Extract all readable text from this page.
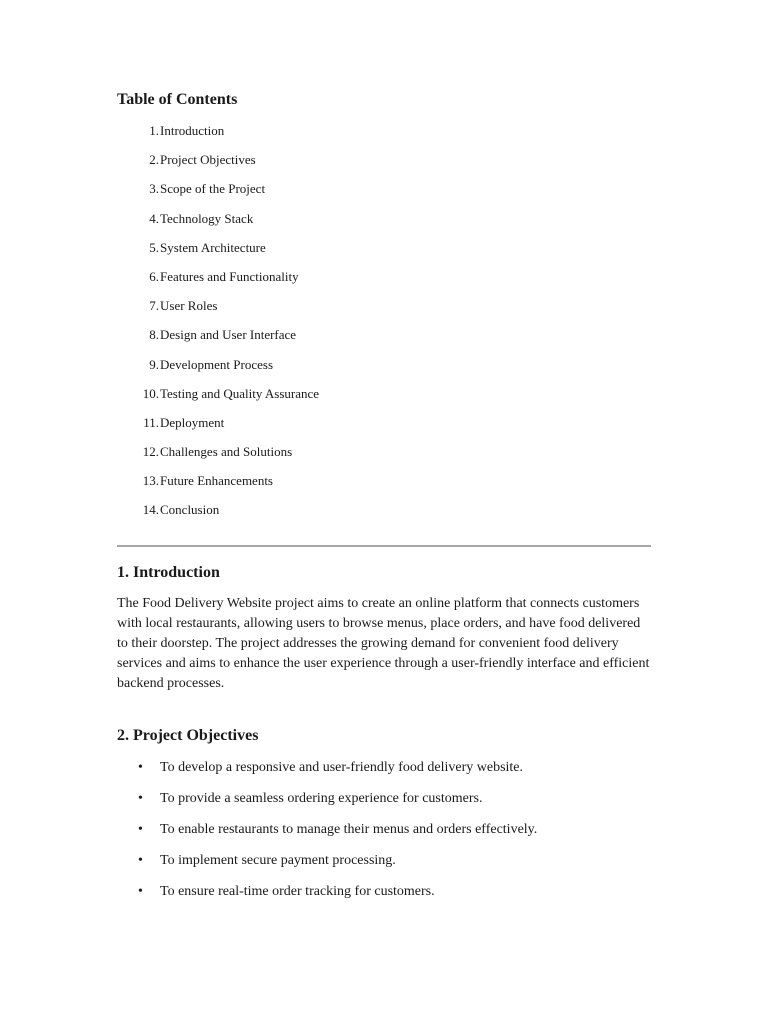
Table of Contents
1. Introduction
2. Project Objectives
3. Scope of the Project
4. Technology Stack
5. System Architecture
6. Features and Functionality
7. User Roles
8. Design and User Interface
9. Development Process
10. Testing and Quality Assurance
11. Deployment
12. Challenges and Solutions
13. Future Enhancements
14. Conclusion
1. Introduction

The Food Delivery Website project aims to create an online platform that connects customers with local restaurants, allowing users to browse menus, place orders, and have food delivered to their doorstep. The project addresses the growing demand for convenient food delivery services and aims to enhance the user experience through a user-friendly interface and efficient backend processes.

2. Project Objectives
• To develop a responsive and user-friendly food delivery website.
• To provide a seamless ordering experience for customers.
• To enable restaurants to manage their menus and orders effectively.
• To implement secure payment processing.
• To ensure real-time order tracking for customers.
